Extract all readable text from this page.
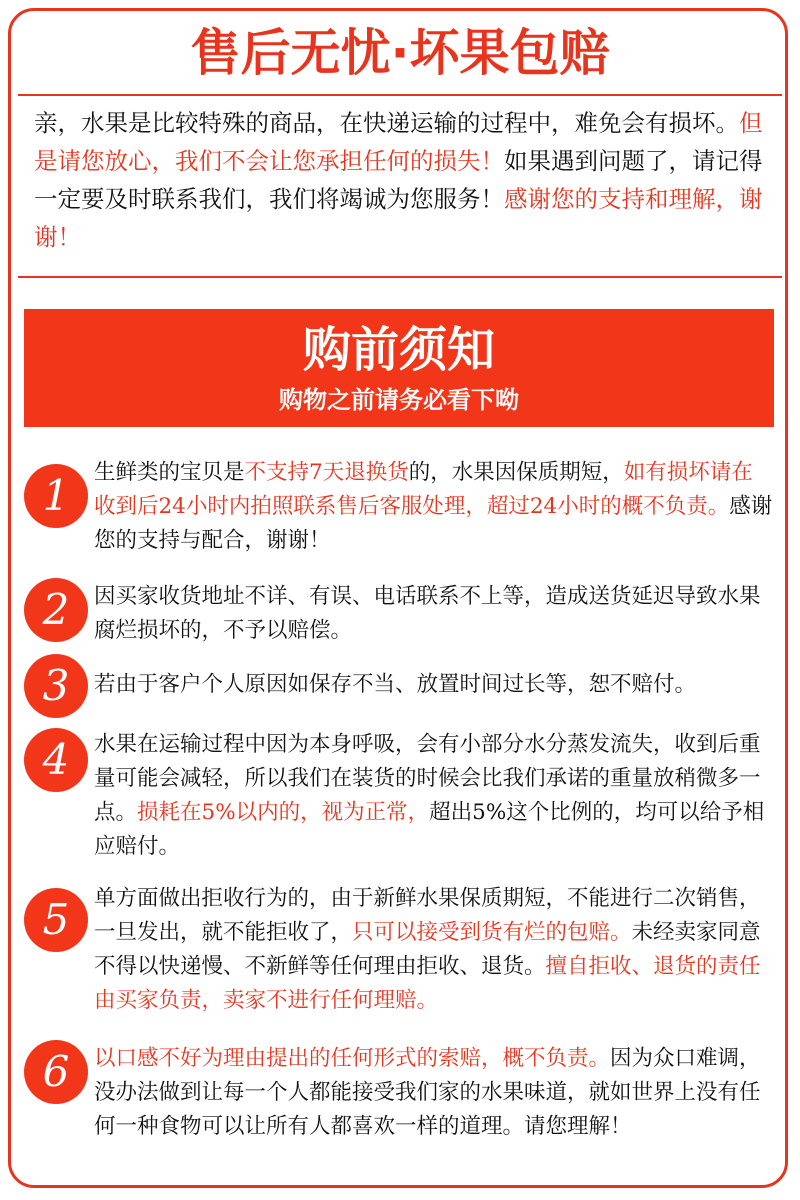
售后无忧·坏果包赔
亲，水果是比较特殊的商品，在快递运输的过程中，难免会有损坏。但是请您放心，我们不会让您承担任何的损失！如果遇到问题了，请记得一定要及时联系我们，我们将竭诚为您服务！感谢您的支持和理解，谢谢！
购前须知
购物之前请务必看下呦
1	生鲜类的宝贝是不支持7天退换货的，水果因保质期短，如有损坏请在收到后24小时内拍照联系售后客服处理，超过24小时的概不负责。感谢您的支持与配合，谢谢！
2	因买家收货地址不详、有误、电话联系不上等，造成送货延迟导致水果腐烂损坏的，不予以赔偿。
3	若由于客户个人原因如保存不当、放置时间过长等，恕不赔付。
4	水果在运输过程中因为本身呼吸，会有小部分水分蒸发流失，收到后重量可能会减轻，所以我们在装货的时候会比我们承诺的重量放稍微多一点。损耗在5%以内的，视为正常，超出5%这个比例的，均可以给予相应赔付。
5	单方面做出拒收行为的，由于新鲜水果保质期短，不能进行二次销售，一旦发出，就不能拒收了，只可以接受到货有烂的包赔。未经卖家同意不得以快递慢、不新鲜等任何理由拒收、退货。擅自拒收、退货的责任由买家负责，卖家不进行任何理赔。
6	以口感不好为理由提出的任何形式的索赔，概不负责。因为众口难调，没办法做到让每一个人都能接受我们家的水果味道，就如世界上没有任何一种食物可以让所有人都喜欢一样的道理。请您理解！
